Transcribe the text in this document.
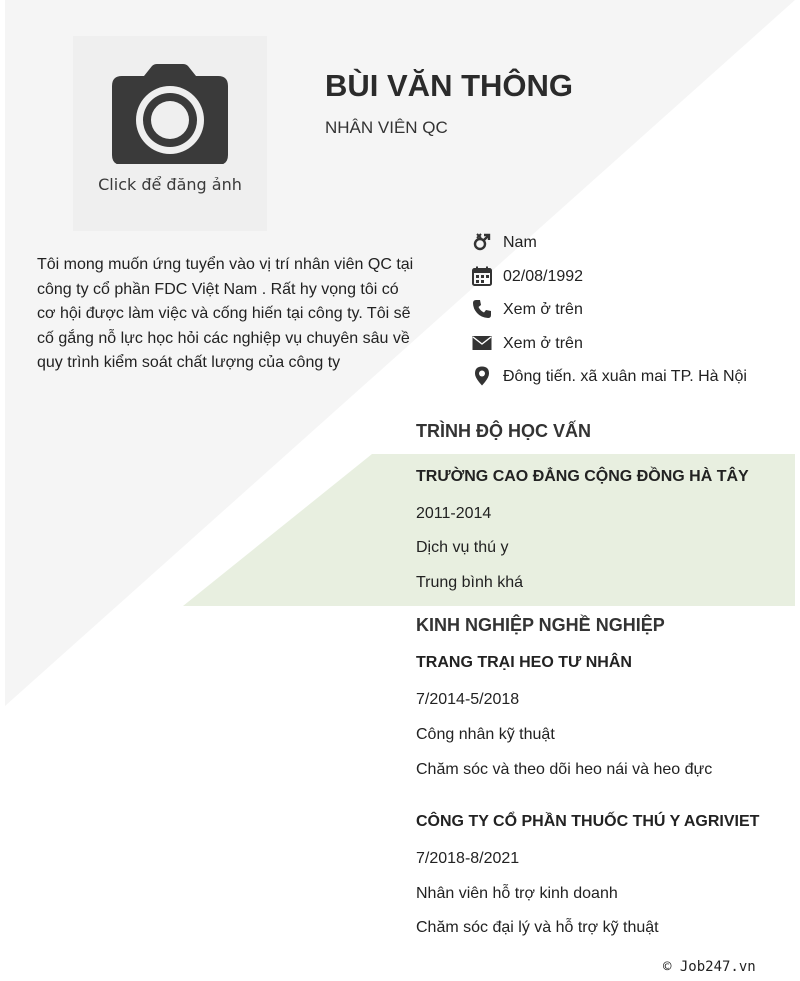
Click để đăng ảnh
BÙI VĂN THÔNG
NHÂN VIÊN QC
Tôi mong muốn ứng tuyển vào vị trí nhân viên QC tại công ty cổ phần FDC Việt Nam . Rất hy vọng tôi có cơ hội được làm việc và cống hiến tại công ty. Tôi sẽ cố gắng nỗ lực học hỏi các nghiệp vụ chuyên sâu về quy trình kiểm soát chất lượng của công ty
Nam
02/08/1992
Xem ở trên
Xem ở trên
Đông tiến. xã xuân mai TP. Hà Nội
TRÌNH ĐỘ HỌC VẤN
TRƯỜNG CAO ĐẲNG CỘNG ĐỒNG HÀ TÂY
2011-2014
Dịch vụ thú y
Trung bình khá
KINH NGHIỆP NGHỀ NGHIỆP
TRANG TRẠI HEO TƯ NHÂN
7/2014-5/2018
Công nhân kỹ thuật
Chăm sóc và theo dõi heo nái và heo đực
CÔNG TY CỔ PHẦN THUỐC THÚ Y AGRIVIET
7/2018-8/2021
Nhân viên hỗ trợ kinh doanh
Chăm sóc đại lý và hỗ trợ kỹ thuật
© Job247.vn
